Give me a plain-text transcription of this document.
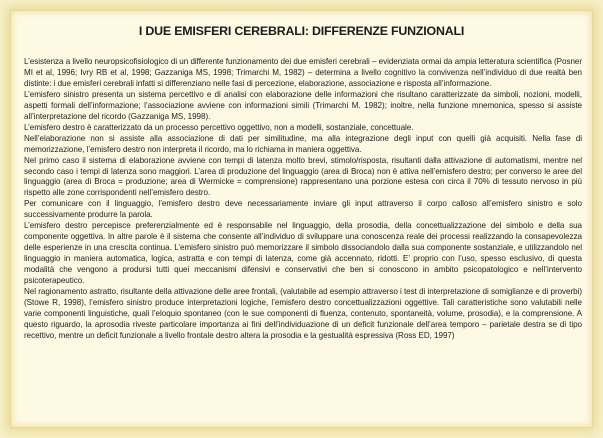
I DUE EMISFERI CEREBRALI: DIFFERENZE FUNZIONALI

L’esistenza a livello neuropsicofisiologico di un differente funzionamento dei due emisferi cerebrali – evidenziata ormai da ampia letteratura scientifica (Posner MI et al, 1996; Ivry RB et al, 1998; Gazzaniga MS, 1998; Trimarchi M, 1982) – determina a livello cognitivo la convivenza nell’individuo di due realtà ben distinte: i due emisferi cerebrali infatti si differenziano nelle fasi di percezione, elaborazione, associazione e risposta all’informazione.

L’emisfero sinistro presenta un sistema percettivo e di analisi con elaborazione delle informazioni che risultano caratterizzate da simboli, nozioni, modelli, aspetti formali dell’informazione; l’associazione avviene con informazioni simili (Trimarchi M. 1982); inoltre, nella funzione mnemonica, spesso si assiste all’interpretazione del ricordo (Gazzaniga MS, 1998).

L’emisfero destro è caratterizzato da un processo percettivo oggettivo, non a modelli, sostanziale, concettuale.

Nell’elaborazione non si assiste alla associazione di dati per similitudine, ma alla integrazione degli input con quelli già acquisiti. Nella fase di memorizzazione, l’emisfero destro non interpreta il ricordo, ma lo richiama in maniera oggettiva.

Nel primo caso il sistema di elaborazione avviene con tempi di latenza molto brevi, stimolo/risposta, risultanti dalla attivazione di automatismi, mentre nel secondo caso i tempi di latenza sono maggiori. L’area di produzione del linguaggio (area di Broca) non è attiva nell’emisfero destro; per converso le aree del linguaggio (area di Broca = produzione; area di Wermicke = comprensione) rappresentano una porzione estesa con circa il 70% di tessuto nervoso in più rispetto alle zone corrispondenti nell’emisfero destro.

Per comunicare con il linguaggio, l’emisfero destro deve necessariamente inviare gli input attraverso il corpo calloso all’emisfero sinistro e solo successivamente produrre la parola.

L’emisfero destro percepisce preferenzialmente ed è responsabile nel linguaggio, della prosodia, della concettualizzazione del simbolo e della sua componente oggettiva. In altre parole è il sistema che consente all’individuo di sviluppare una conoscenza reale dei processi realizzando la consapevolezza delle esperienze in una crescita continua. L’emisfero sinistro può memorizzare il simbolo dissociandolo dalla sua componente sostanziale, e utilizzandolo nel linguaggio in maniera automatica, logica, astratta e con tempi di latenza, come già accennato, ridotti. E’ proprio con l’uso, spesso esclusivo, di questa modalità che vengono a prodursi tutti quei meccanismi difensivi e conservativi che ben si conoscono in ambito psicopatologico e nell’intervento psicoterapeutico.

Nel ragionamento astratto, risultante della attivazione delle aree frontali, (valutabile ad esempio attraverso i test di interpretazione di somiglianze e di proverbi) (Stowe R, 1998), l’emisfero sinistro produce interpretazioni logiche, l’emisfero destro concettualizzazioni oggettive. Tali caratteristiche sono valutabili nelle varie componenti linguistiche, quali l’eloquio spontaneo (con le sue componenti di fluenza, contenuto, spontaneità, volume, prosodia), e la comprensione. A questo riguardo, la aprosodia riveste particolare importanza ai fini dell’individuazione di un deficit funzionale dell’area temporo – parietale destra se di tipo recettivo, mentre un deficit funzionale a livello frontale destro altera la prosodia e la gestualità espressiva (Ross ED, 1997)
